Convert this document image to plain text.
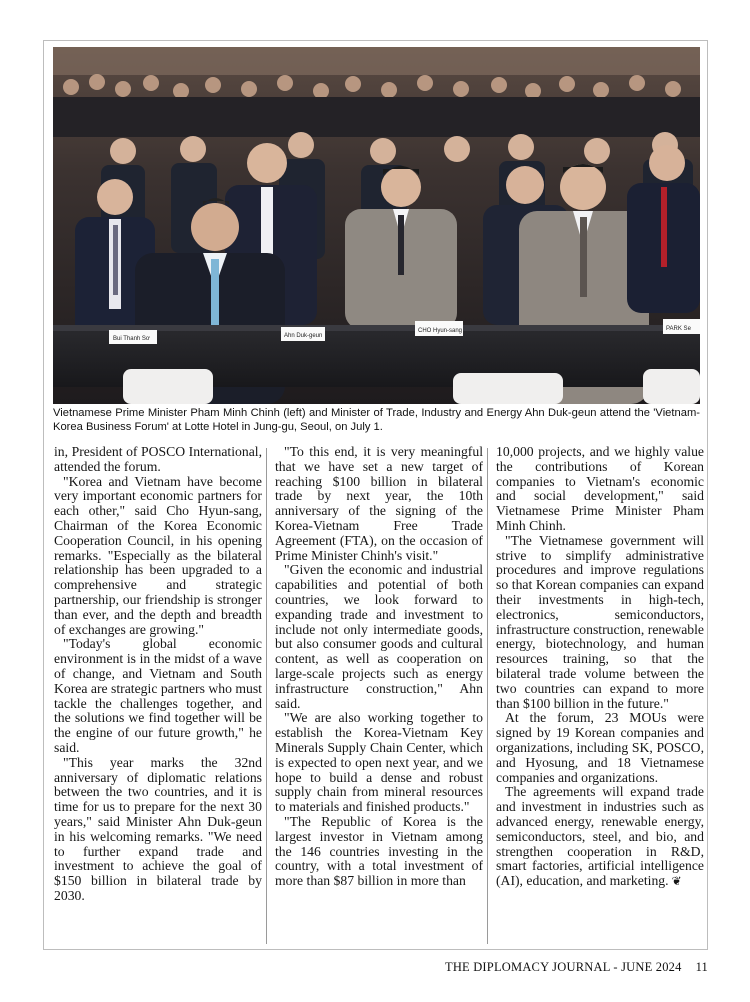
Bui Thanh Sơ	Ahn Duk-geun
CHO Hyun-sang	PARK Se
Vietnamese Prime Minister Pham Minh Chinh (left) and Minister of Trade, Industry and Energy Ahn Duk-geun attend the 'Vietnam-Korea Business Forum' at Lotte Hotel in Jung-gu, Seoul, on July 1.

in, President of POSCO International, attended the forum.

"Korea and Vietnam have become very important economic partners for each other," said Cho Hyun-sang, Chairman of the Korea Economic Cooperation Council, in his opening remarks. "Especially as the bilateral relationship has been upgraded to a comprehensive and strategic partnership, our friendship is stronger than ever, and the depth and breadth of exchanges are growing."

"Today's global economic environment is in the midst of a wave of change, and Vietnam and South Korea are strategic partners who must tackle the challenges together, and the solutions we find together will be the engine of our future growth," he said.

"This year marks the 32nd anniversary of diplomatic relations between the two countries, and it is time for us to prepare for the next 30 years," said Minister Ahn Duk-geun in his welcoming remarks. "We need to further expand trade and investment to achieve the goal of $150 billion in bilateral trade by 2030.

"To this end, it is very meaningful that we have set a new target of reaching $100 billion in bilateral trade by next year, the 10th anniversary of the signing of the Korea-Vietnam Free Trade Agreement (FTA), on the occasion of Prime Minister Chinh's visit."

"Given the economic and industrial capabilities and potential of both countries, we look forward to expanding trade and investment to include not only intermediate goods, but also consumer goods and cultural content, as well as cooperation on large-scale projects such as energy infrastructure construction," Ahn said.

"We are also working together to establish the Korea-Vietnam Key Minerals Supply Chain Center, which is expected to open next year, and we hope to build a dense and robust supply chain from mineral resources to materials and finished products."

"The Republic of Korea is the largest investor in Vietnam among the 146 countries investing in the country, with a total investment of more than $87 billion in more than

10,000 projects, and we highly value the contributions of Korean companies to Vietnam's economic and social development," said Vietnamese Prime Minister Pham Minh Chinh.

"The Vietnamese government will strive to simplify administrative procedures and improve regulations so that Korean companies can expand their investments in high-tech, electronics, semiconductors, infrastructure construction, renewable energy, biotechnology, and human resources training, so that the bilateral trade volume between the two countries can expand to more than $100 billion in the future."

At the forum, 23 MOUs were signed by 19 Korean companies and organizations, including SK, POSCO, and Hyosung, and 18 Vietnamese companies and organizations.

The agreements will expand trade and investment in industries such as advanced energy, renewable energy, semiconductors, steel, and bio, and strengthen cooperation in R&D, smart factories, artificial intelligence (AI), education, and marketing. ❦

THE DIPLOMACY JOURNAL - JUNE 2024 11
